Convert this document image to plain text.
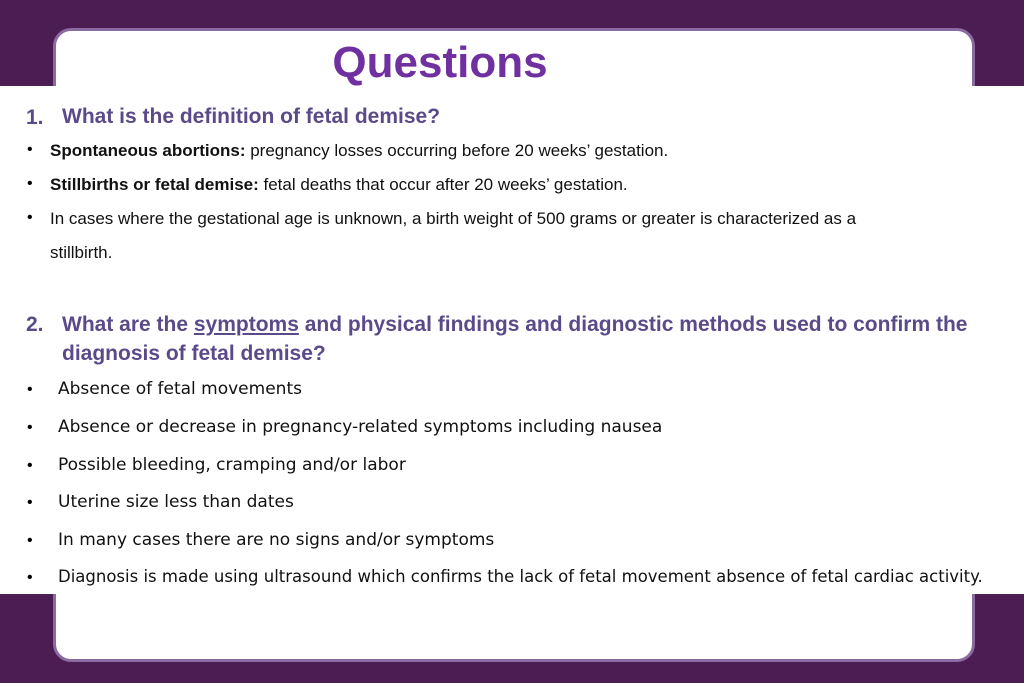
Questions
1. What is the definition of fetal demise?
• Spontaneous abortions: pregnancy losses occurring before 20 weeks’ gestation.
• Stillbirths or fetal demise: fetal deaths that occur after 20 weeks’ gestation.
• In cases where the gestational age is unknown, a birth weight of 500 grams or greater is characterized as a
stillbirth.
2. What are the symptoms and physical findings and diagnostic methods used to confirm the
diagnosis of fetal demise?
• Absence of fetal movements
• Absence or decrease in pregnancy-related symptoms including nausea
• Possible bleeding, cramping and/or labor
• Uterine size less than dates
• In many cases there are no signs and/or symptoms
• Diagnosis is made using ultrasound which confirms the lack of fetal movement absence of fetal cardiac activity.
